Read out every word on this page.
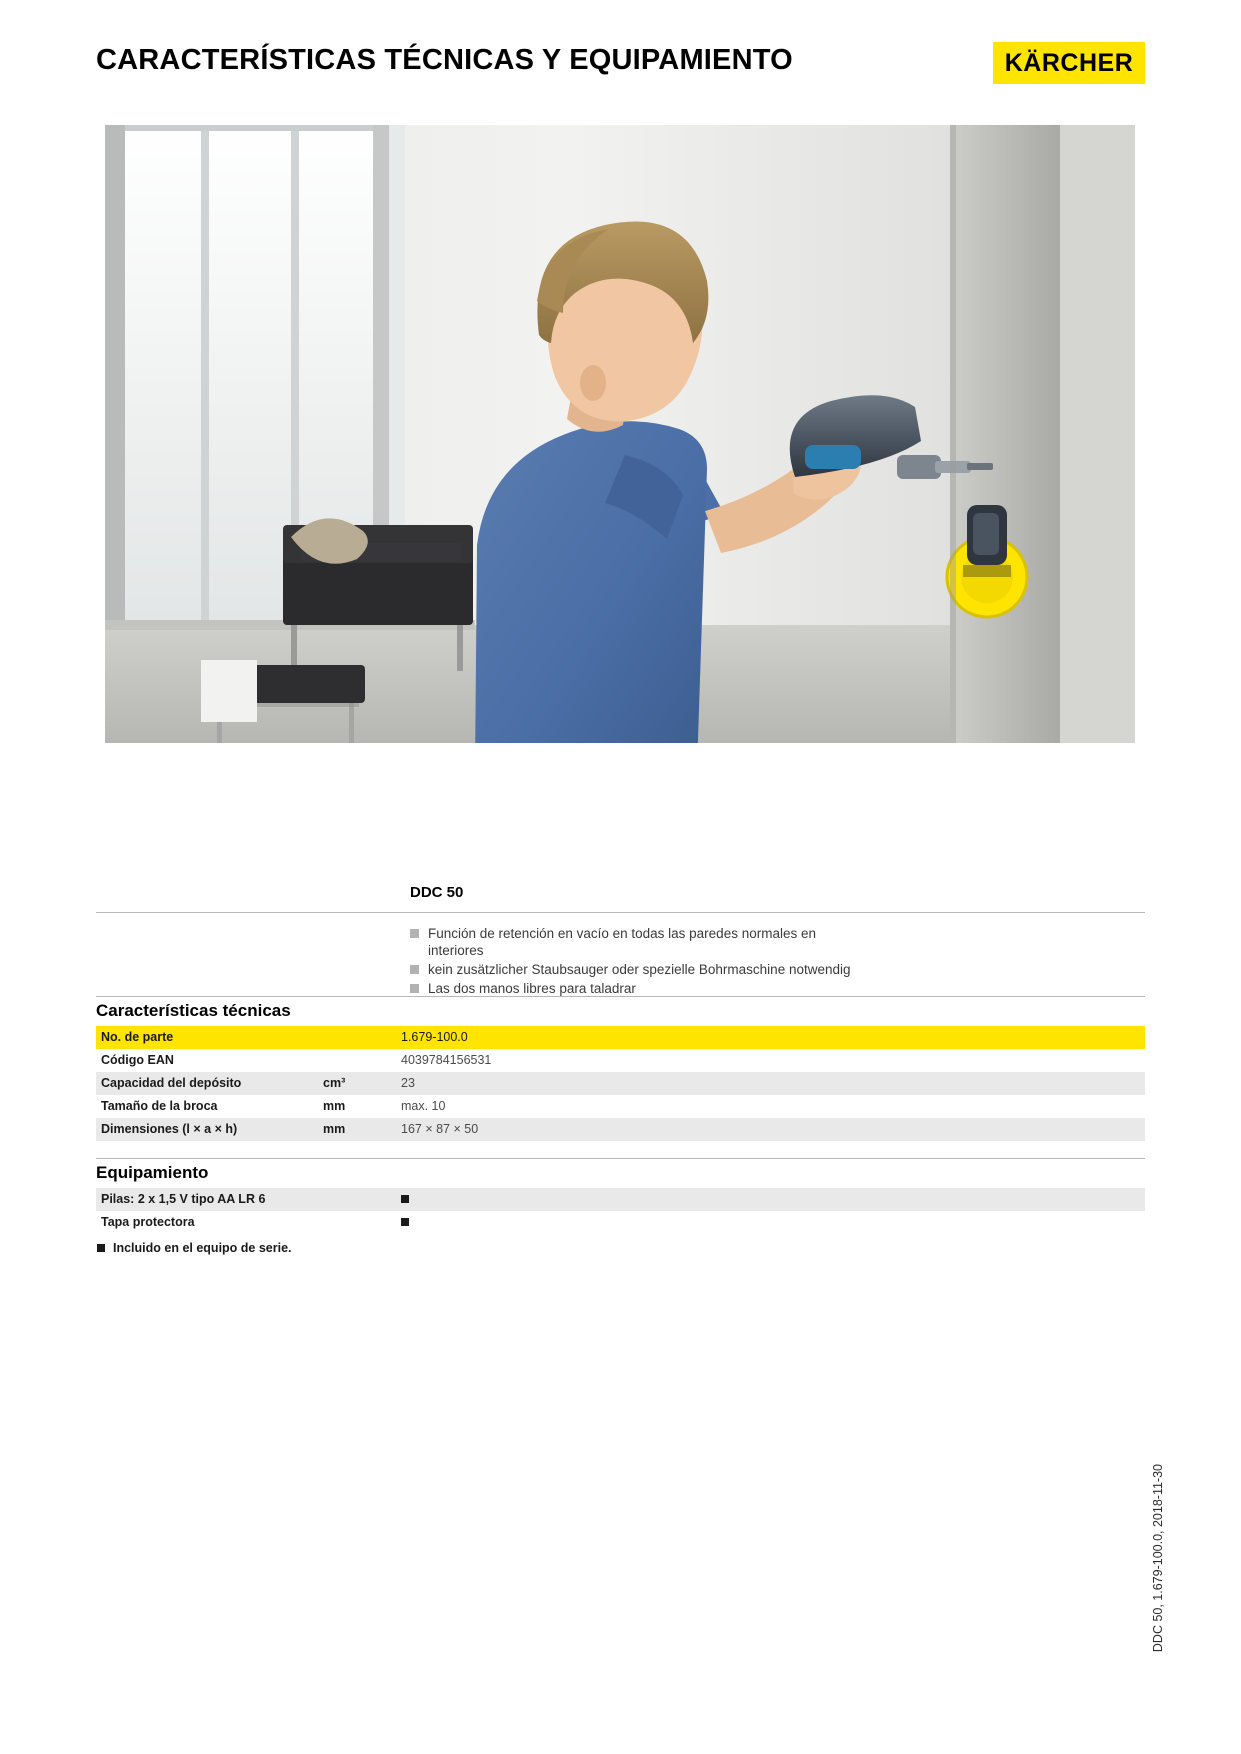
CARACTERÍSTICAS TÉCNICAS Y EQUIPAMIENTO	KÄRCHER
DDC 50
Función de retención en vacío en todas las paredes normales en interiores
kein zusätzlicher Staubsauger oder spezielle Bohrmaschine notwendig
Las dos manos libres para taladrar
Características técnicas
No. de parte		1.679-100.0
Código EAN		4039784156531
Capacidad del depósito	cm³	23
Tamaño de la broca	mm	max. 10
Dimensiones (l × a × h)	mm	167 × 87 × 50
Equipamiento
Pilas: 2 x 1,5 V tipo AA LR 6	
Tapa protectora	
Incluido en el equipo de serie.
DDC 50, 1.679-100.0, 2018-11-30
